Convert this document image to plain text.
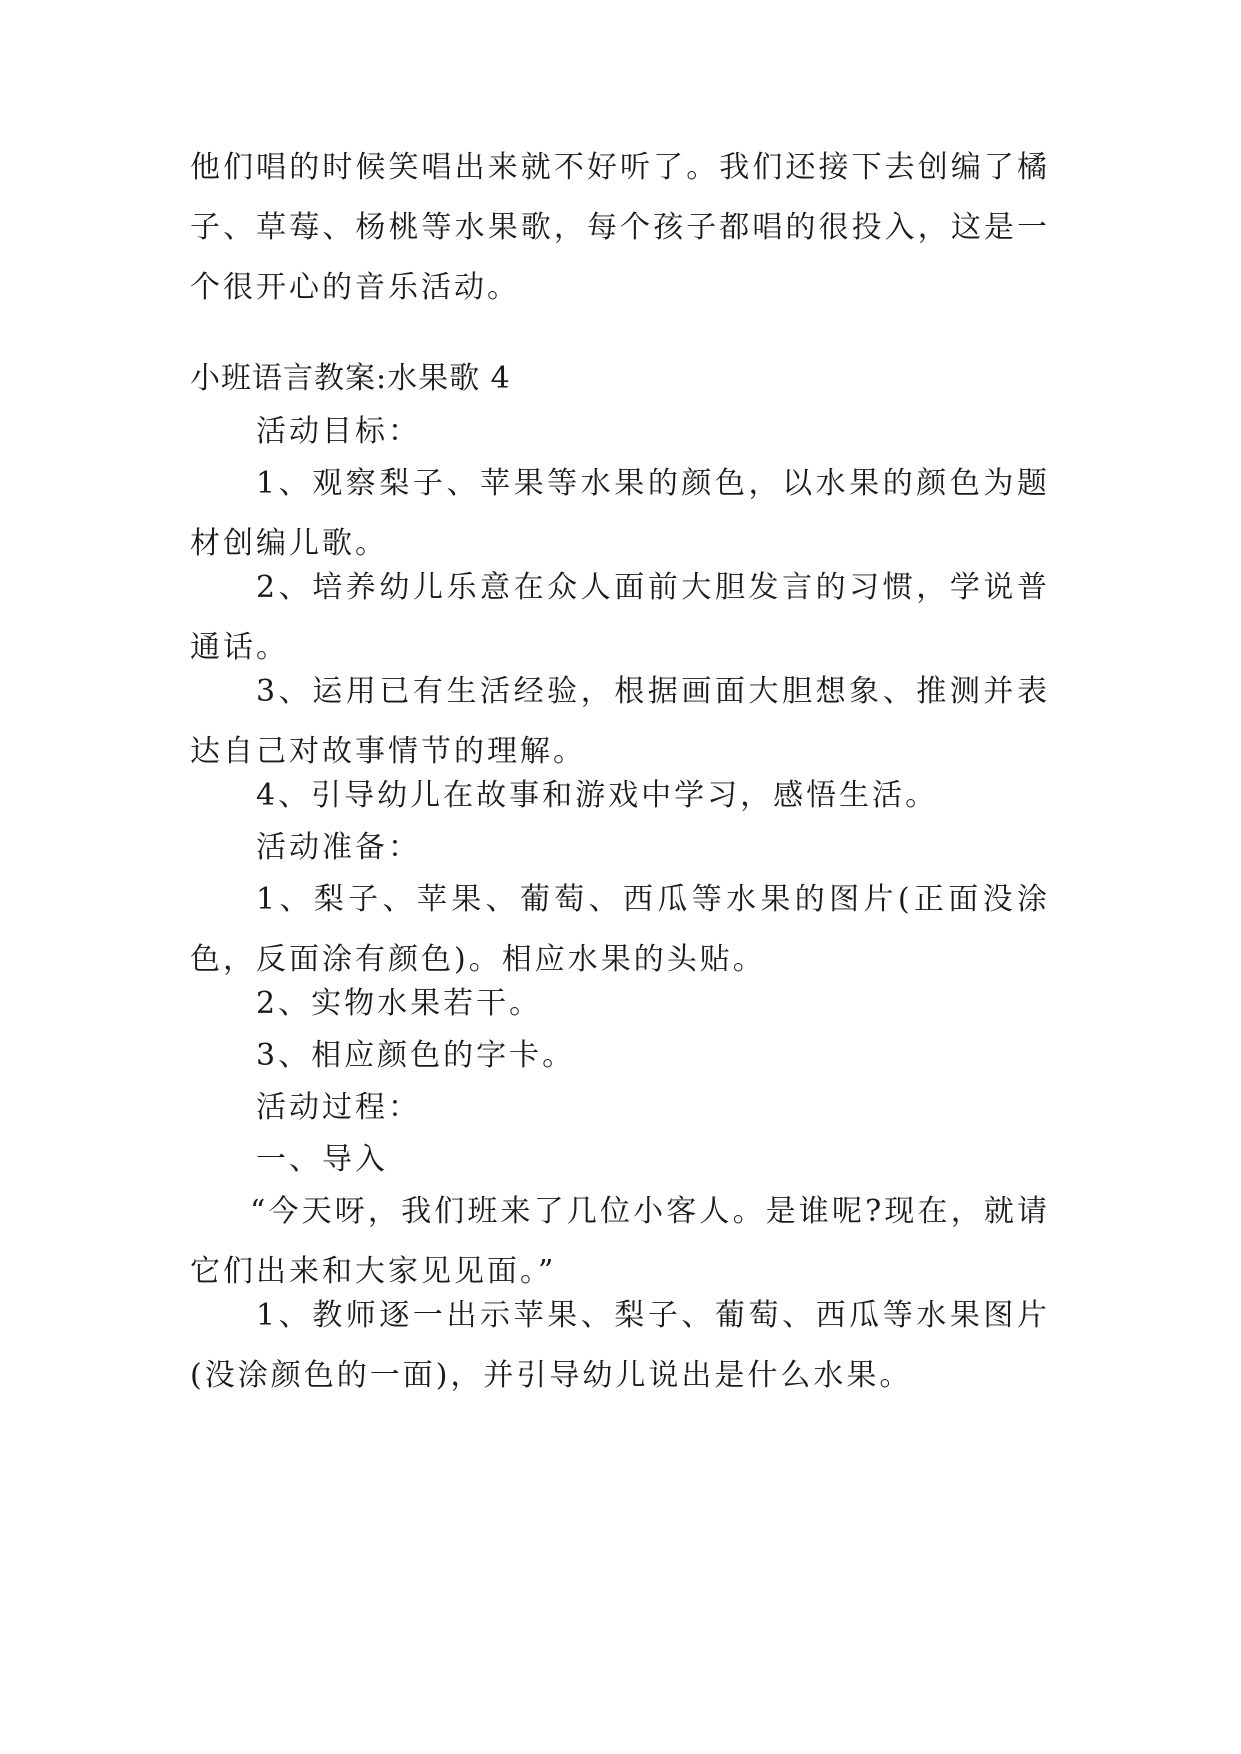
他们唱的时候笑唱出来就不好听了。我们还接下去创编了橘子、草莓、杨桃等水果歌，每个孩子都唱的很投入，这是一个很开心的音乐活动。

小班语言教案:水果歌 4

活动目标：

1、观察梨子、苹果等水果的颜色，以水果的颜色为题材创编儿歌。

2、培养幼儿乐意在众人面前大胆发言的习惯，学说普通话。

3、运用已有生活经验，根据画面大胆想象、推测并表达自己对故事情节的理解。

4、引导幼儿在故事和游戏中学习，感悟生活。

活动准备：

1、梨子、苹果、葡萄、西瓜等水果的图片(正面没涂色，反面涂有颜色)。相应水果的头贴。

2、实物水果若干。

3、相应颜色的字卡。

活动过程：

一、导入

“今天呀，我们班来了几位小客人。是谁呢?现在，就请它们出来和大家见见面。”

1、教师逐一出示苹果、梨子、葡萄、西瓜等水果图片(没涂颜色的一面)，并引导幼儿说出是什么水果。
